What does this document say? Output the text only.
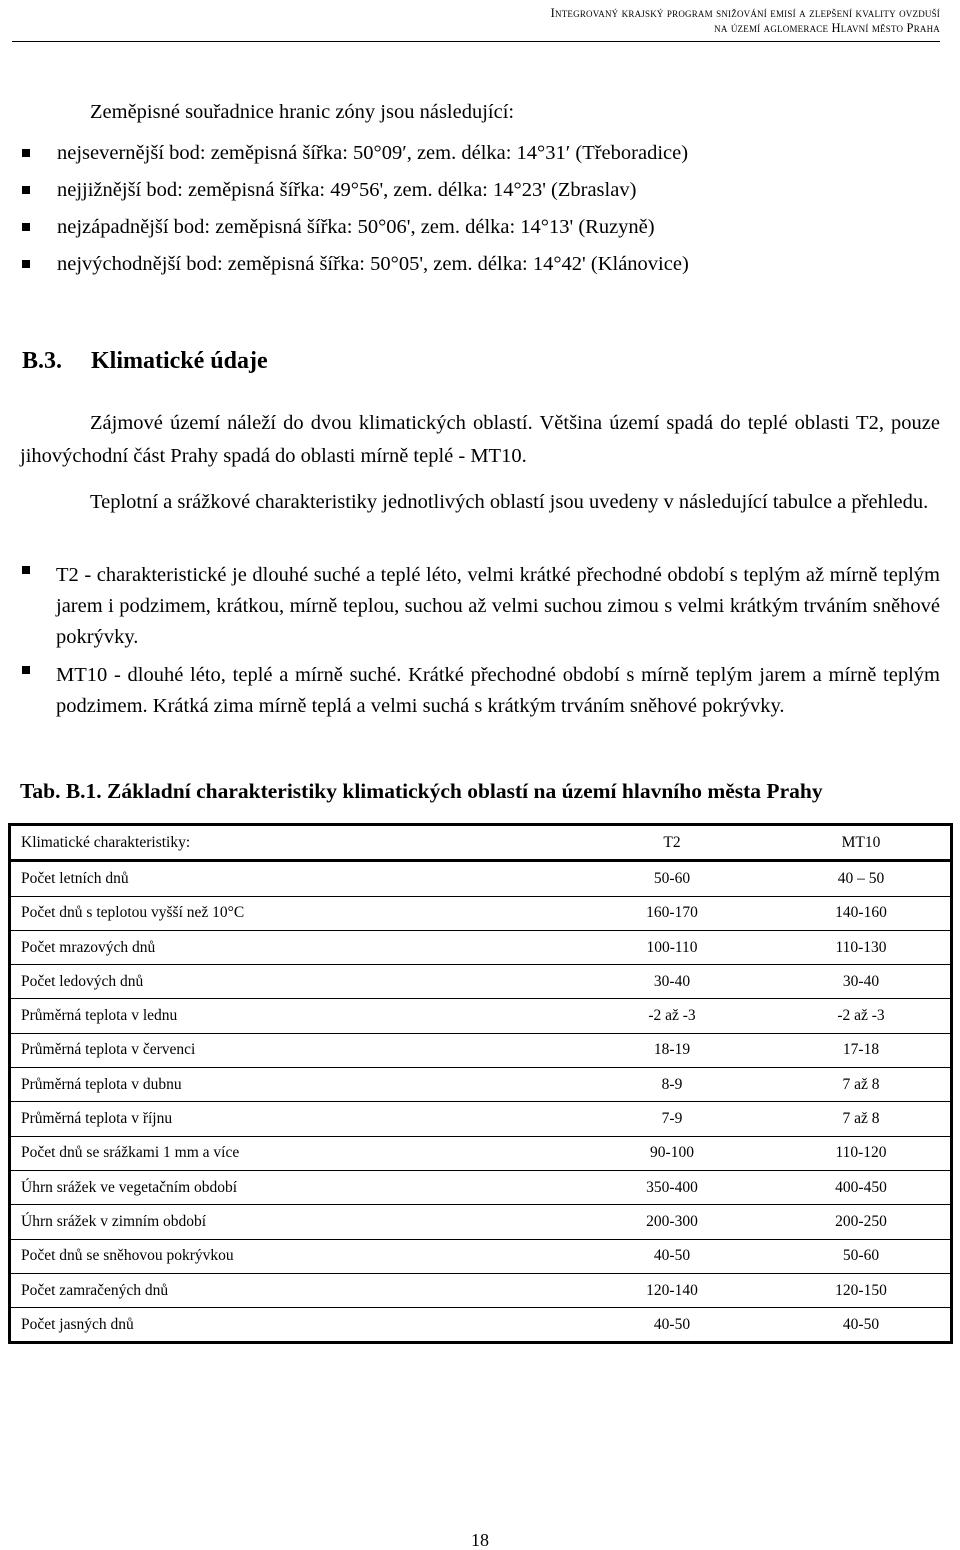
Integrovaný krajský program snižování emisí a zlepšení kvality ovzduší
na území aglomerace Hlavní město Praha
Zeměpisné souřadnice hranic zóny jsou následující:
nejsevernější bod: zeměpisná šířka: 50°09′, zem. délka: 14°31′ (Třeboradice)
nejjižnější bod: zeměpisná šířka: 49°56', zem. délka: 14°23' (Zbraslav)
nejzápadnější bod: zeměpisná šířka: 50°06', zem. délka: 14°13' (Ruzyně)
nejvýchodnější bod: zeměpisná šířka: 50°05', zem. délka: 14°42' (Klánovice)
B.3. Klimatické údaje
Zájmové území náleží do dvou klimatických oblastí. Většina území spadá do teplé oblasti T2, pouze jihovýchodní část Prahy spadá do oblasti mírně teplé - MT10.
Teplotní a srážkové charakteristiky jednotlivých oblastí jsou uvedeny v následující tabulce a přehledu.
T2 - charakteristické je dlouhé suché a teplé léto, velmi krátké přechodné období s teplým až mírně teplým jarem i podzimem, krátkou, mírně teplou, suchou až velmi suchou zimou s velmi krátkým trváním sněhové pokrývky.
MT10 - dlouhé léto, teplé a mírně suché. Krátké přechodné období s mírně teplým jarem a mírně teplým podzimem. Krátká zima mírně teplá a velmi suchá s krátkým trváním sněhové pokrývky.
Tab. B.1. Základní charakteristiky klimatických oblastí na území hlavního města Prahy
Klimatické charakteristiky:	T2	MT10
Počet letních dnů	50-60	40 – 50
Počet dnů s teplotou vyšší než 10°C	160-170	140-160
Počet mrazových dnů	100-110	110-130
Počet ledových dnů	30-40	30-40
Průměrná teplota v lednu	-2 až -3	-2 až -3
Průměrná teplota v červenci	18-19	17-18
Průměrná teplota v dubnu	8-9	7 až 8
Průměrná teplota v říjnu	7-9	7 až 8
Počet dnů se srážkami 1 mm a více	90-100	110-120
Úhrn srážek ve vegetačním období	350-400	400-450
Úhrn srážek v zimním období	200-300	200-250
Počet dnů se sněhovou pokrývkou	40-50	50-60
Počet zamračených dnů	120-140	120-150
Počet jasných dnů	40-50	40-50
18
